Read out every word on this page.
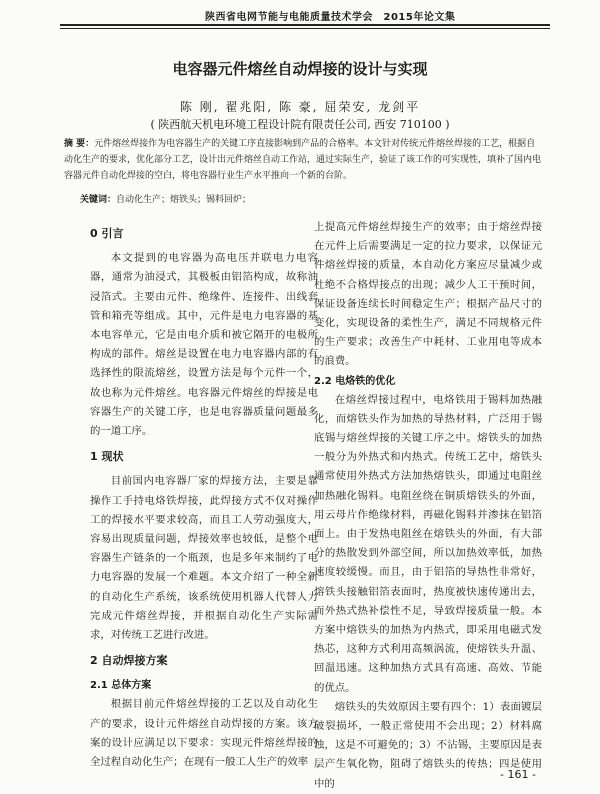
陕西省电网节能与电能质量技术学会　2015年论文集
电容器元件熔丝自动焊接的设计与实现
陈 刚, 翟兆阳, 陈 豪, 屈荣安, 龙剑平
( 陕西航天机电环境工程设计院有限责任公司, 西安 710100 )
摘 要：元件熔丝焊接作为电容器生产的关键工序直接影响到产品的合格率。本文针对传统元件熔丝焊接的工艺，根据自动化生产的要求，优化部分工艺，设计出元件熔丝自动工作站，通过实际生产，验证了该工作的可实现性，填补了国内电容器元件自动化焊接的空白，将电容器行业生产水平推向一个新的台阶。
关键词：自动化生产；熔铁头；锡料回炉；
0 引言

本文提到的电容器为高电压并联电力电容器，通常为油浸式，其极板由铝箔构成，故称油浸箔式。主要由元件、绝缘件、连接件、出线套管和箱壳等组成。其中，元件是电力电容器的基本电容单元，它是由电介质和被它隔开的电极所构成的部件。熔丝是设置在电力电容器内部的有选择性的限流熔丝，设置方法是每个元件一个，故也称为元件熔丝。电容器元件熔丝的焊接是电容器生产的关键工序，也是电容器质量问题最多的一道工序。

1 现状

目前国内电容器厂家的焊接方法，主要是靠操作工手持电烙铁焊接，此焊接方式不仅对操作工的焊接水平要求较高，而且工人劳动强度大，容易出现质量问题，焊接效率也较低，是整个电容器生产链条的一个瓶颈，也是多年来制约了电力电容器的发展一个难题。本文介绍了一种全新的自动化生产系统，该系统使用机器人代替人力完成元件熔丝焊接，并根据自动化生产实际需求，对传统工艺进行改进。

2 自动焊接方案
2.1 总体方案

根据目前元件熔丝焊接的工艺以及自动化生产的要求，设计元件熔丝自动焊接的方案。该方案的设计应满足以下要求：实现元件熔丝焊接的全过程自动化生产；在现有一般工人生产的效率

上提高元件熔丝焊接生产的效率；由于熔丝焊接在元件上后需要满足一定的拉力要求，以保证元件熔丝焊接的质量，本自动化方案应尽量减少或杜绝不合格焊接点的出现；减少人工干预时间，保证设备连续长时间稳定生产；根据产品尺寸的变化，实现设备的柔性生产，满足不同规格元件的生产要求；改善生产中耗材、工业用电等成本的浪费。

2.2 电烙铁的优化

在熔丝焊接过程中，电烙铁用于锡料加热融化，而熔铁头作为加热的导热材料，广泛用于锡底锡与熔丝焊接的关键工序之中。熔铁头的加热一般分为外热式和内热式。传统工艺中，熔铁头通常使用外热式方法加热熔铁头，即通过电阻丝加热融化锡料。电阻丝绕在铜质熔铁头的外面，用云母片作绝缘材料，再磁化锡料并渗抹在铝箔面上。由于发热电阻丝在熔铁头的外面，有大部分的热散发到外部空间，所以加热效率低，加热速度较缓慢。而且，由于铝箔的导热性非常好，熔铁头接触铝箔表面时，热度被快速传递出去，而外热式热补偿性不足，导致焊接质量一般。本方案中熔铁头的加热为内热式，即采用电磁式发热芯，这种方式利用高频涡流，使熔铁头升温、回温迅速。这种加热方式具有高速、高效、节能的优点。

熔铁头的失效原因主要有四个：1）表面镀层破裂损坏，一般正常使用不会出现；2）材料腐蚀，这是不可避免的；3）不沾锡，主要原因是表层产生氧化物，阻碍了熔铁头的传热；四是使用中的

- 161 -
